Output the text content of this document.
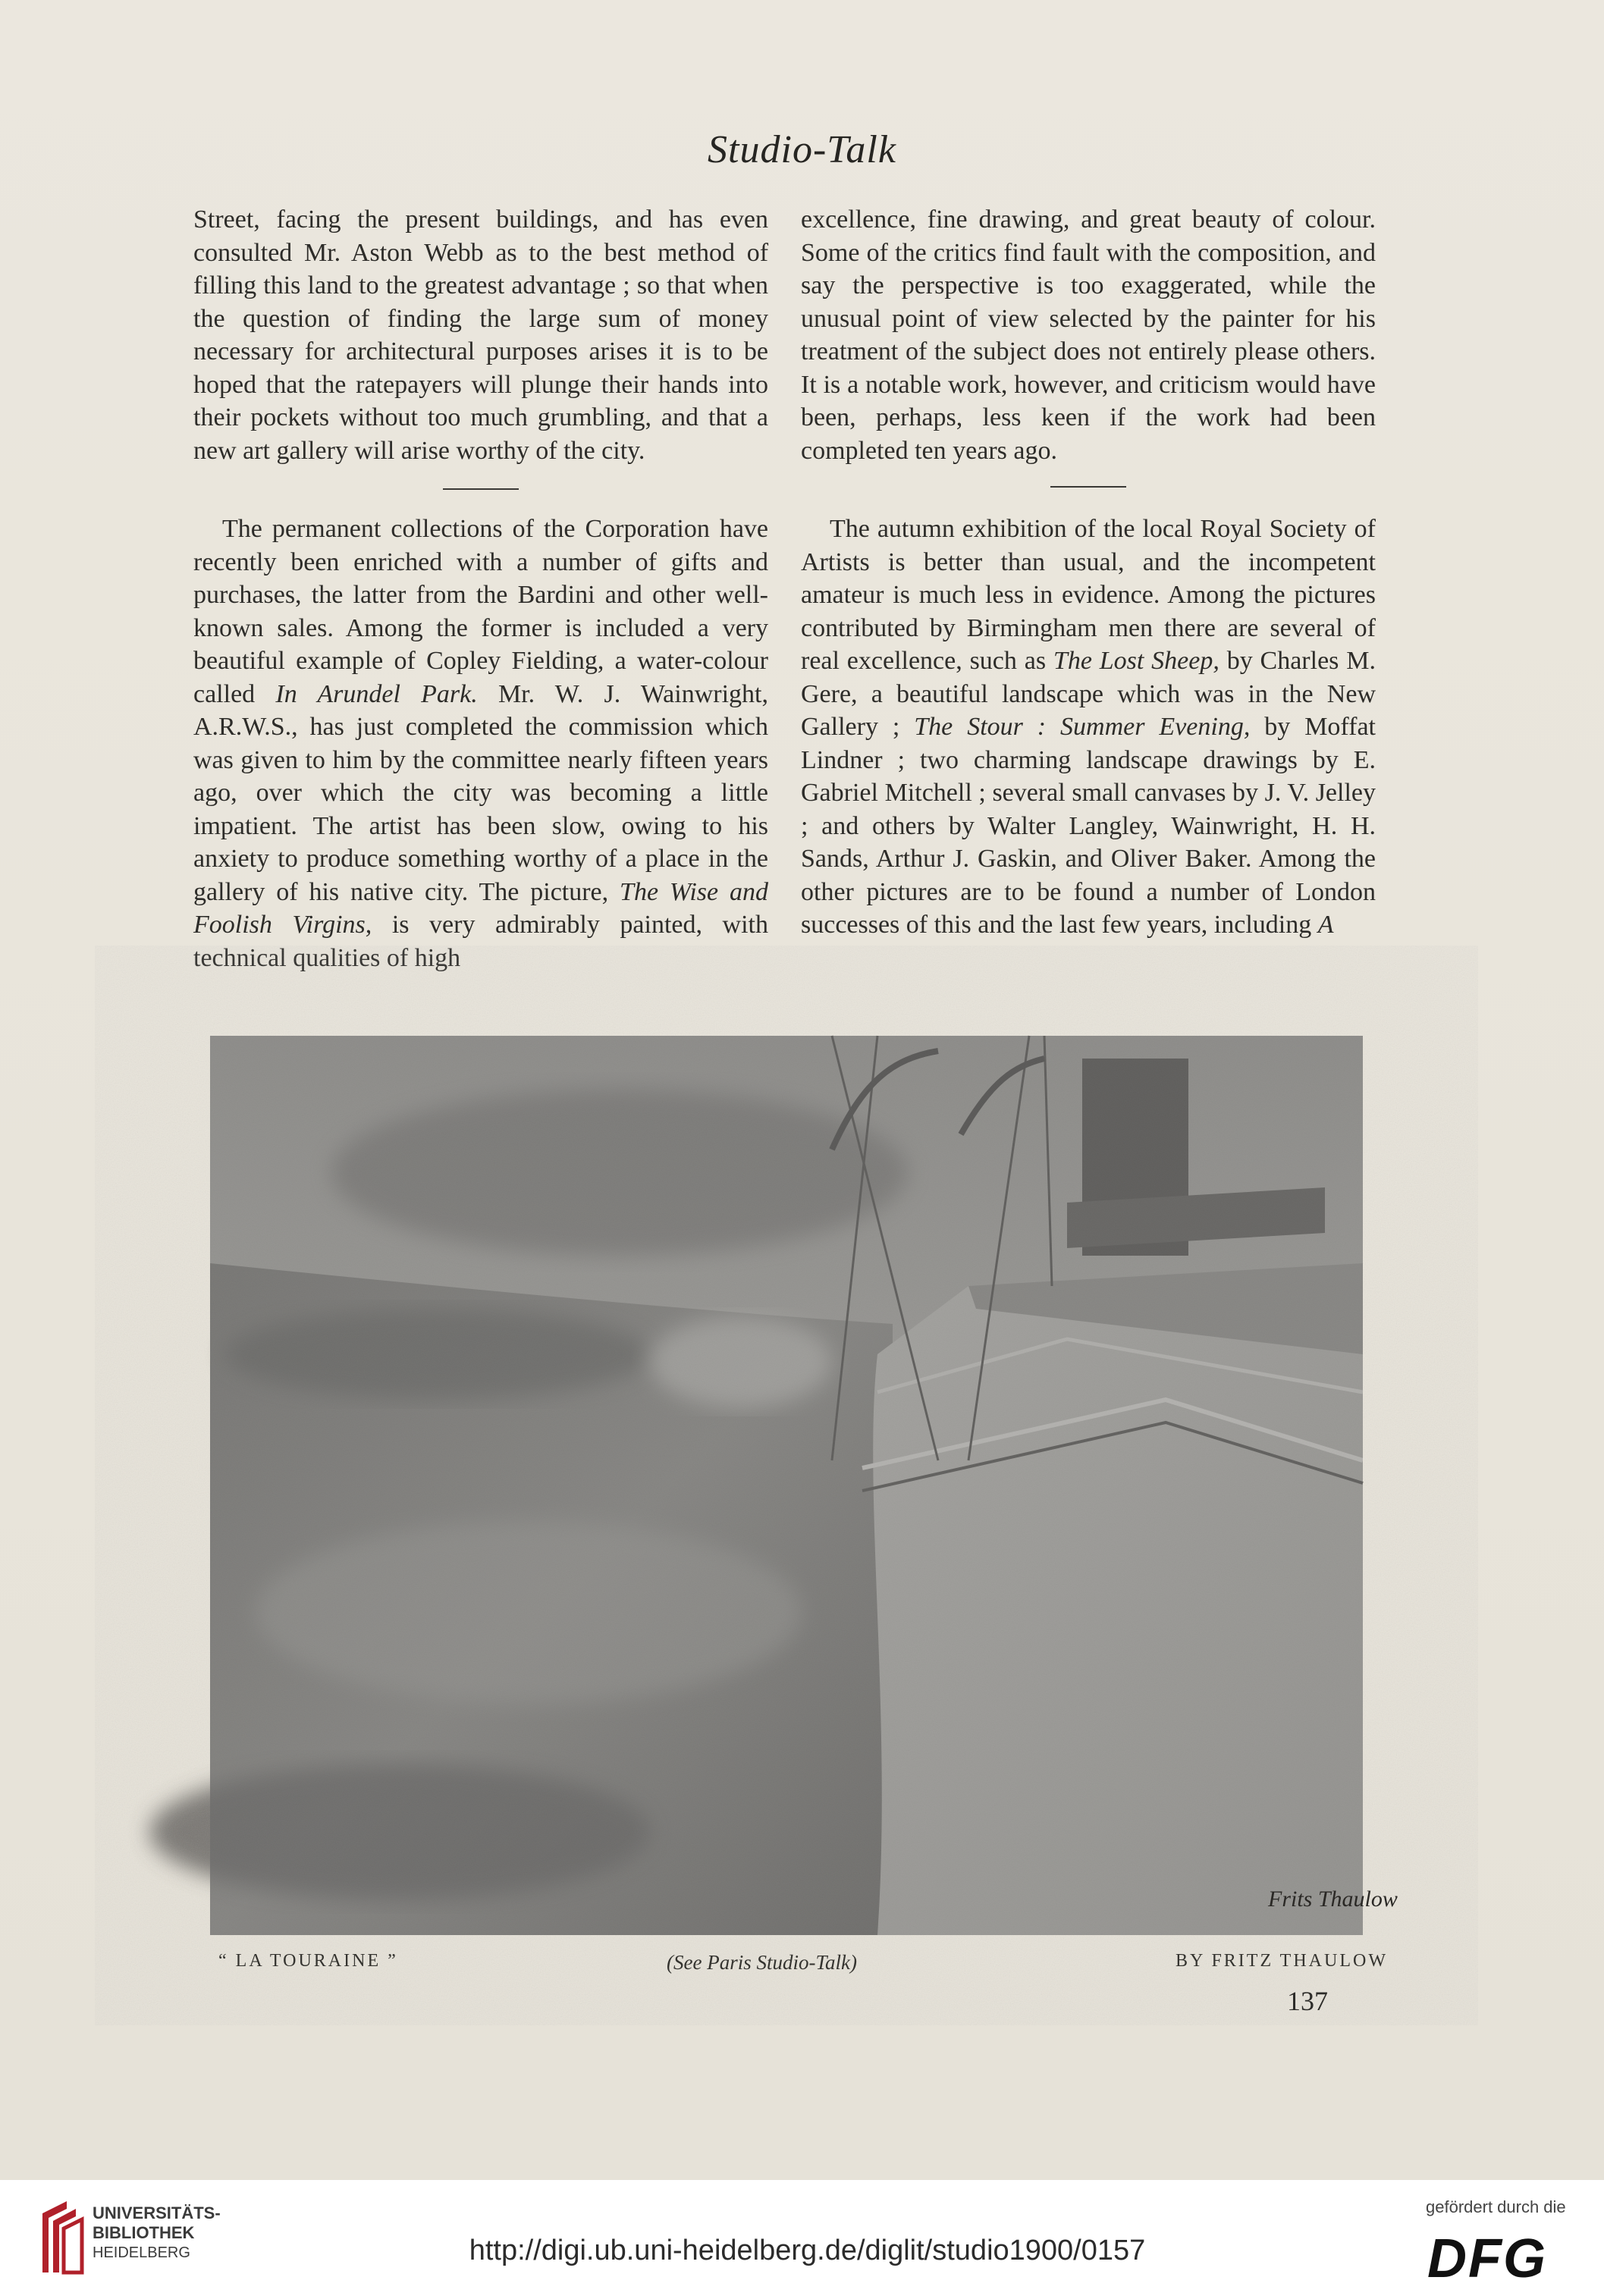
Studio-Talk

Street, facing the present buildings, and has even consulted Mr. Aston Webb as to the best method of filling this land to the greatest advantage ; so that when the question of finding the large sum of money necessary for architectural purposes arises it is to be hoped that the ratepayers will plunge their hands into their pockets without too much grumbling, and that a new art gallery will arise worthy of the city.

The permanent collections of the Corporation have recently been enriched with a number of gifts and purchases, the latter from the Bardini and other well-known sales. Among the former is included a very beautiful example of Copley Fielding, a water-colour called In Arundel Park. Mr. W. J. Wainwright, A.R.W.S., has just completed the commission which was given to him by the committee nearly fifteen years ago, over which the city was becoming a little impatient. The artist has been slow, owing to his anxiety to produce something worthy of a place in the gallery of his native city. The picture, The Wise and Foolish Virgins, is very admirably painted, with technical qualities of high

excellence, fine drawing, and great beauty of colour. Some of the critics find fault with the composition, and say the perspective is too exaggerated, while the unusual point of view selected by the painter for his treatment of the subject does not entirely please others. It is a notable work, however, and criticism would have been, perhaps, less keen if the work had been completed ten years ago.

The autumn exhibition of the local Royal Society of Artists is better than usual, and the incompetent amateur is much less in evidence. Among the pictures contributed by Birmingham men there are several of real excellence, such as The Lost Sheep, by Charles M. Gere, a beautiful landscape which was in the New Gallery ; The Stour : Summer Evening, by Moffat Lindner ; two charming landscape drawings by E. Gabriel Mitchell ; several small canvases by J. V. Jelley ; and others by Walter Langley, Wainwright, H. H. Sands, Arthur J. Gaskin, and Oliver Baker. Among the other pictures are to be found a number of London successes of this and the last few years, including A

Frits Thaulow
“ LA TOURAINE ”	(See Paris Studio-Talk)	BY FRITZ THAULOW
137
UNIVERSITÄTS-
BIBLIOTHEK
HEIDELBERG	http://digi.ub.uni-heidelberg.de/diglit/studio1900/0157
gefördert durch die
DFG
